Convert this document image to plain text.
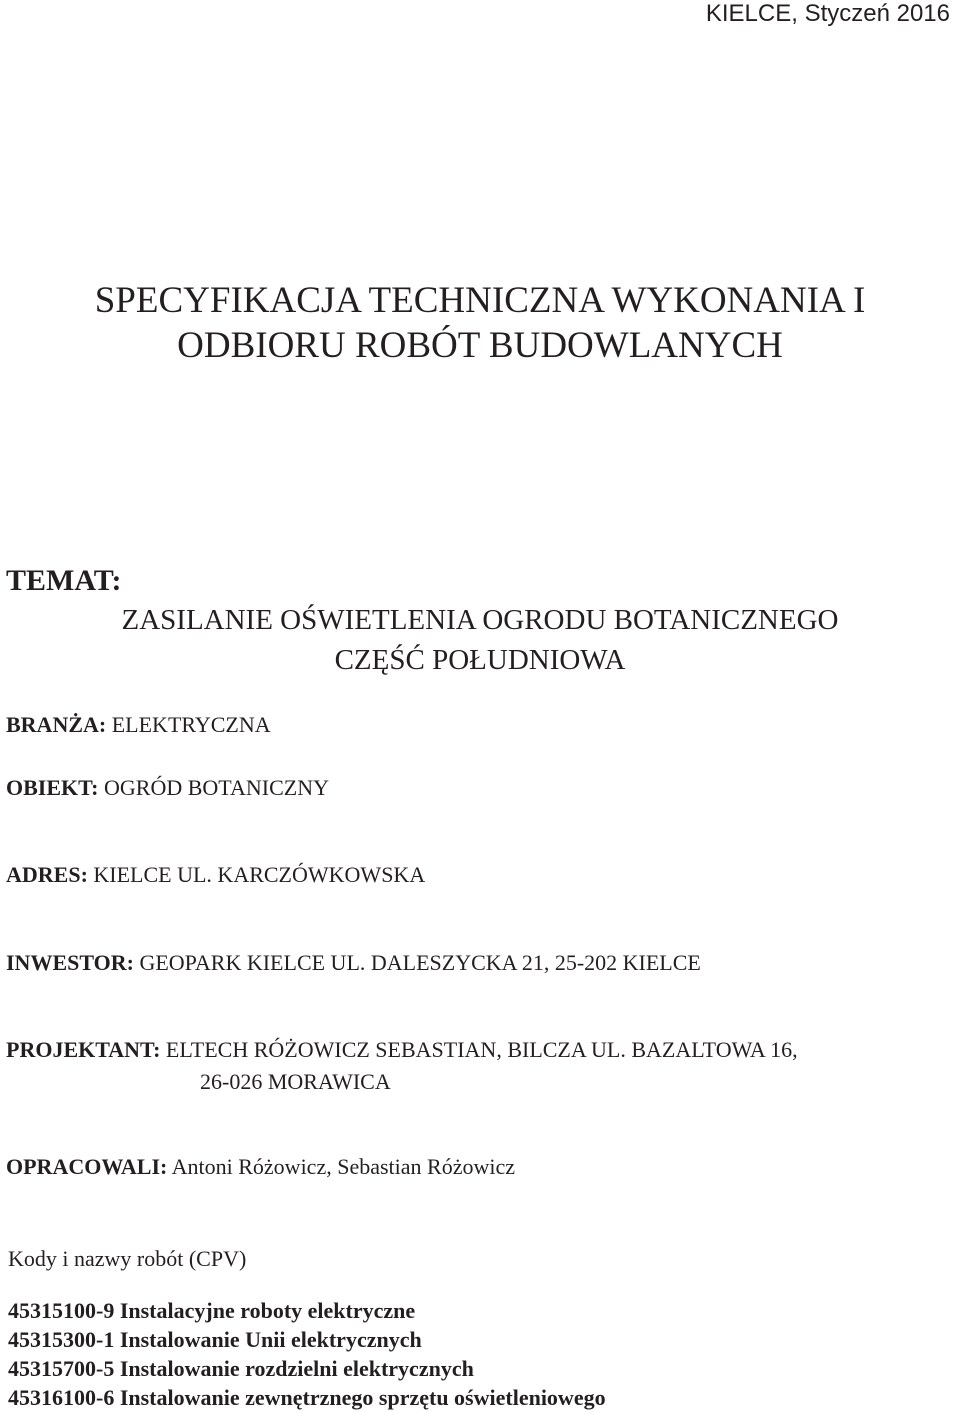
KIELCE, Styczeń 2016
SPECYFIKACJA TECHNICZNA WYKONANIA I
ODBIORU ROBÓT BUDOWLANYCH
TEMAT:
ZASILANIE OŚWIETLENIA OGRODU BOTANICZNEGO
CZĘŚĆ POŁUDNIOWA
BRANŻA: ELEKTRYCZNA
OBIEKT: OGRÓD BOTANICZNY
ADRES: KIELCE UL. KARCZÓWKOWSKA
INWESTOR: GEOPARK KIELCE UL. DALESZYCKA 21, 25-202 KIELCE
PROJEKTANT: ELTECH RÓŻOWICZ SEBASTIAN, BILCZA UL. BAZALTOWA 16,
26-026 MORAWICA
OPRACOWALI: Antoni Różowicz, Sebastian Różowicz
Kody i nazwy robót (CPV)
45315100-9 Instalacyjne roboty elektryczne
45315300-1 Instalowanie Unii elektrycznych
45315700-5 Instalowanie rozdzielni elektrycznych
45316100-6 Instalowanie zewnętrznego sprzętu oświetleniowego
